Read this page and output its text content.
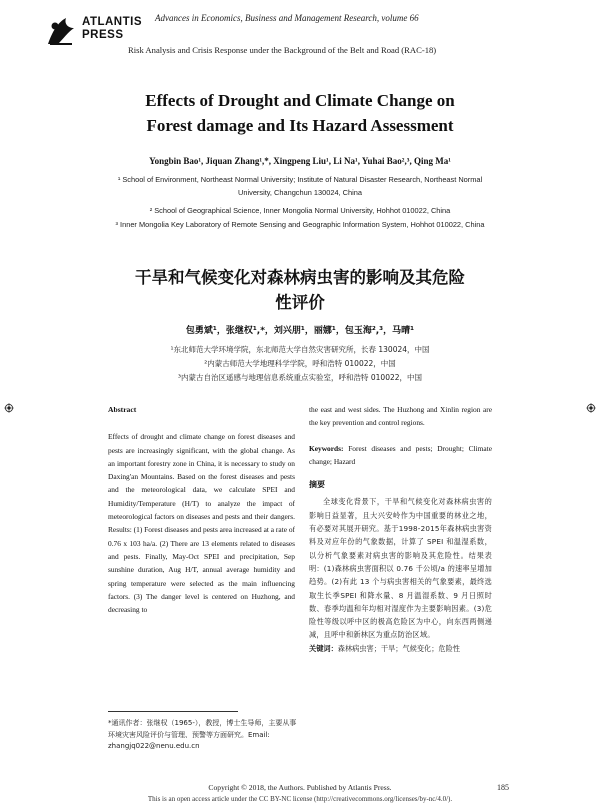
ATLANTIS
PRESS
Advances in Economics, Business and Management Research, volume 66
Risk Analysis and Crisis Response under the Background of the Belt and Road (RAC-18)
Effects of Drought and Climate Change on
Forest damage and Its Hazard Assessment
Yongbin Bao¹, Jiquan Zhang¹,*, Xingpeng Liu¹, Li Na¹, Yuhai Bao²,³, Qing Ma¹
¹ School of Environment, Northeast Normal University; Institute of Natural Disaster Research, Northeast Normal University, Changchun 130024, China
² School of Geographical Science, Inner Mongolia Normal University, Hohhot 010022, China
³ Inner Mongolia Key Laboratory of Remote Sensing and Geographic Information System, Hohhot 010022, China
干旱和气候变化对森林病虫害的影响及其危险
性评价
包勇斌¹，张继权¹,*，刘兴朋¹，丽娜¹，包玉海²,³，马晴¹
¹东北师范大学环境学院，东北师范大学自然灾害研究所，长春 130024，中国
²内蒙古师范大学地理科学学院，呼和浩特 010022，中国
³内蒙古自治区遥感与地理信息系统重点实验室，呼和浩特 010022，中国
Abstract

Effects of drought and climate change on forest diseases and pests are increasingly significant, with the global change. As an important forestry zone in China, it is necessary to study on Daxing'an Mountains. Based on the forest diseases and pests and the meteorological data, we calculate SPEI and Humidity/Temperature (H/T) to analyze the impact of meteorological factors on diseases and pests and their dangers. Results: (1) Forest diseases and pests area increased at a rate of 0.76 x 103 ha/a. (2) There are 13 elements related to diseases and pests. Finally, May-Oct SPEI and precipitation, Sep sunshine duration, Aug H/T, annual average humidity and spring temperature were selected as the main influencing factors. (3) The danger level is centered on Huzhong, and decreasing to

the east and west sides. The Huzhong and Xinlin region are the key prevention and control regions.

Keywords: Forest diseases and pests; Drought; Climate change; Hazard

摘要
全球变化背景下，干旱和气候变化对森林病虫害的影响日益显著，且大兴安岭作为中国重要的林业之地，有必要对其展开研究。基于1998-2015年森林病虫害资料及对应年份的气象数据，计算了 SPEI 和温湿系数，以分析气象要素对病虫害的影响及其危险性。结果表明：(1)森林病虫害面积以 0.76 千公顷/a 的速率呈增加趋势。(2)有此 13 个与病虫害相关的气象要素，最终选取生长季SPEI 和降水量、8 月温湿系数、9 月日照时数、春季均温和年均相对湿度作为主要影响因素。(3)危险性等级以呼中区的极高危险区为中心，向东西两侧递减，且呼中和新林区为重点防治区域。
关键词：森林病虫害；干旱；气候变化；危险性
*通讯作者：张继权（1965-），教授，博士生导师，主要从事环境灾害风险评价与管理、预警等方面研究。Email: zhangjq022@nenu.edu.cn
Copyright © 2018, the Authors. Published by Atlantis Press.	185
This is an open access article under the CC BY-NC license (http://creativecommons.org/licenses/by-nc/4.0/).
